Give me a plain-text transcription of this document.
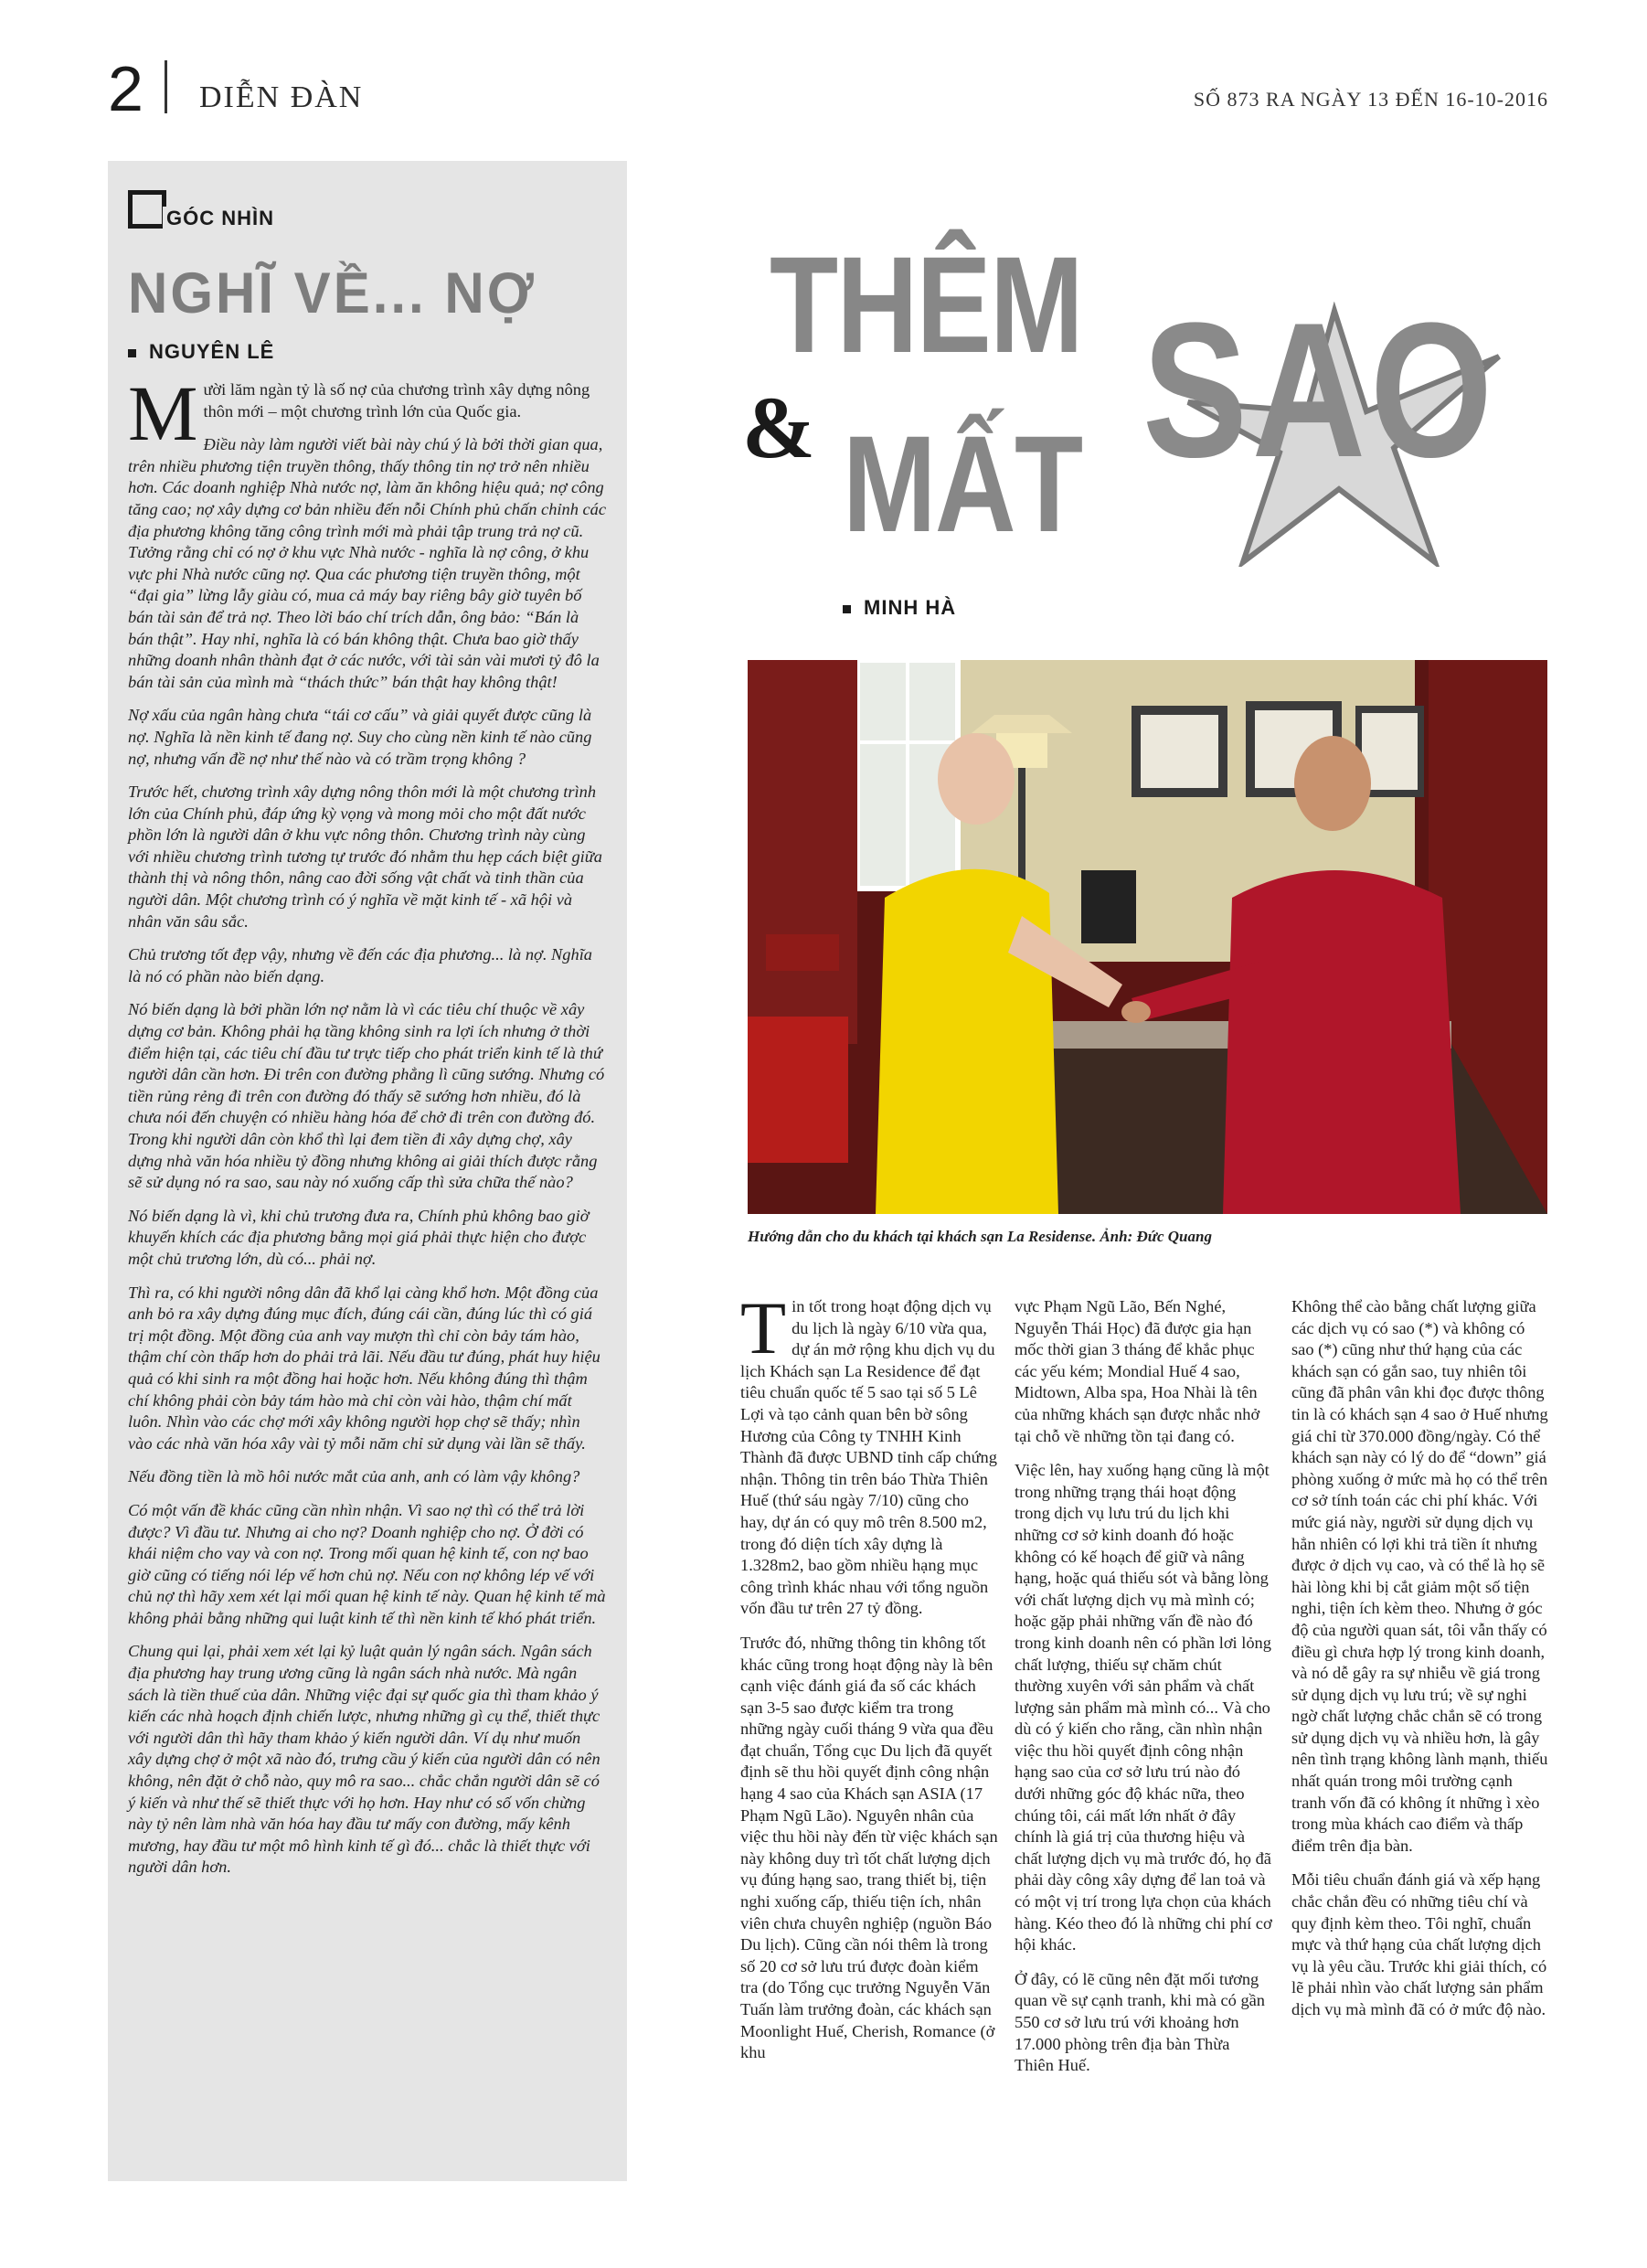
2 DIỄN ĐÀN	SỐ 873 RA NGÀY 13 ĐẾN 16-10-2016
GÓC NHÌN
NGHĨ VỀ... NỢ
NGUYÊN LÊ

Mười lăm ngàn tỷ là số nợ của chương trình xây dựng nông thôn mới – một chương trình lớn của Quốc gia.

Điều này làm người viết bài này chú ý là bởi thời gian qua, trên nhiều phương tiện truyền thông, thấy thông tin nợ trở nên nhiều hơn. Các doanh nghiệp Nhà nước nợ, làm ăn không hiệu quả; nợ công tăng cao; nợ xây dựng cơ bản nhiều đến nỗi Chính phủ chấn chỉnh các địa phương không tăng công trình mới mà phải tập trung trả nợ cũ. Tưởng rằng chỉ có nợ ở khu vực Nhà nước - nghĩa là nợ công, ở khu vực phi Nhà nước cũng nợ. Qua các phương tiện truyền thông, một “đại gia” lừng lẫy giàu có, mua cả máy bay riêng bây giờ tuyên bố bán tài sản để trả nợ. Theo lời báo chí trích dẫn, ông bảo: “Bán là bán thật”. Hay nhỉ, nghĩa là có bán không thật. Chưa bao giờ thấy những doanh nhân thành đạt ở các nước, với tài sản vài mươi tỷ đô la bán tài sản của mình mà “thách thức” bán thật hay không thật!

Nợ xấu của ngân hàng chưa “tái cơ cấu” và giải quyết được cũng là nợ. Nghĩa là nền kinh tế đang nợ. Suy cho cùng nền kinh tế nào cũng nợ, nhưng vấn đề nợ như thế nào và có trầm trọng không ?

Trước hết, chương trình xây dựng nông thôn mới là một chương trình lớn của Chính phủ, đáp ứng kỳ vọng và mong mỏi cho một đất nước phồn lớn là người dân ở khu vực nông thôn. Chương trình này cùng với nhiều chương trình tương tự trước đó nhằm thu hẹp cách biệt giữa thành thị và nông thôn, nâng cao đời sống vật chất và tinh thần của người dân. Một chương trình có ý nghĩa về mặt kinh tế - xã hội và nhân văn sâu sắc.

Chủ trương tốt đẹp vậy, nhưng về đến các địa phương... là nợ. Nghĩa là nó có phần nào biến dạng.

Nó biến dạng là bởi phần lớn nợ nằm là vì các tiêu chí thuộc về xây dựng cơ bản. Không phải hạ tầng không sinh ra lợi ích nhưng ở thời điểm hiện tại, các tiêu chí đầu tư trực tiếp cho phát triển kinh tế là thứ người dân cần hơn. Đi trên con đường phẳng lì cũng sướng. Nhưng có tiền rủng rẻng đi trên con đường đó thấy sẽ sướng hơn nhiều, đó là chưa nói đến chuyện có nhiều hàng hóa để chở đi trên con đường đó. Trong khi người dân còn khổ thì lại đem tiền đi xây dựng chợ, xây dựng nhà văn hóa nhiều tỷ đồng nhưng không ai giải thích được rằng sẽ sử dụng nó ra sao, sau này nó xuống cấp thì sửa chữa thế nào?

Nó biến dạng là vì, khi chủ trương đưa ra, Chính phủ không bao giờ khuyến khích các địa phương bằng mọi giá phải thực hiện cho được một chủ trương lớn, dù có... phải nợ.

Thì ra, có khi người nông dân đã khổ lại càng khổ hơn. Một đồng của anh bỏ ra xây dựng đúng mục đích, đúng cái cần, đúng lúc thì có giá trị một đồng. Một đồng của anh vay mượn thì chỉ còn bảy tám hào, thậm chí còn thấp hơn do phải trả lãi. Nếu đầu tư đúng, phát huy hiệu quả có khi sinh ra một đồng hai hoặc hơn. Nếu không đúng thì thậm chí không phải còn bảy tám hào mà chỉ còn vài hào, thậm chí mất luôn. Nhìn vào các chợ mới xây không người họp chợ sẽ thấy; nhìn vào các nhà văn hóa xây vài tỷ mỗi năm chỉ sử dụng vài lần sẽ thấy.

Nếu đồng tiền là mồ hôi nước mắt của anh, anh có làm vậy không?

Có một vấn đề khác cũng cần nhìn nhận. Vì sao nợ thì có thể trả lời được? Vì đầu tư. Nhưng ai cho nợ? Doanh nghiệp cho nợ. Ở đời có khái niệm cho vay và con nợ. Trong mối quan hệ kinh tế, con nợ bao giờ cũng có tiếng nói lép vế hơn chủ nợ. Nếu con nợ không lép vế với chủ nợ thì hãy xem xét lại mối quan hệ kinh tế này. Quan hệ kinh tế mà không phải bằng những qui luật kinh tế thì nền kinh tế khó phát triển.

Chung qui lại, phải xem xét lại kỷ luật quản lý ngân sách. Ngân sách địa phương hay trung ương cũng là ngân sách nhà nước. Mà ngân sách là tiền thuế của dân. Những việc đại sự quốc gia thì tham khảo ý kiến các nhà hoạch định chiến lược, nhưng những gì cụ thể, thiết thực với người dân thì hãy tham khảo ý kiến người dân. Ví dụ như muốn xây dựng chợ ở một xã nào đó, trưng cầu ý kiến của người dân có nên không, nên đặt ở chỗ nào, quy mô ra sao... chắc chắn người dân sẽ có ý kiến và như thế sẽ thiết thực với họ hơn. Hay như có số vốn chừng này tỷ nên làm nhà văn hóa hay đầu tư mấy con đường, mấy kênh mương, hay đầu tư một mô hình kinh tế gì đó... chắc là thiết thực với người dân hơn.

THÊM
& MẤT SAO
MINH HÀ
Hướng dẫn cho du khách tại khách sạn La Residense. Ảnh: Đức Quang

Tin tốt trong hoạt động dịch vụ du lịch là ngày 6/10 vừa qua, dự án mở rộng khu dịch vụ du lịch Khách sạn La Residence để đạt tiêu chuẩn quốc tế 5 sao tại số 5 Lê Lợi và tạo cảnh quan bên bờ sông Hương của Công ty TNHH Kinh Thành đã được UBND tỉnh cấp chứng nhận. Thông tin trên báo Thừa Thiên Huế (thứ sáu ngày 7/10) cũng cho hay, dự án có quy mô trên 8.500 m2, trong đó diện tích xây dựng là 1.328m2, bao gồm nhiều hạng mục công trình khác nhau với tổng nguồn vốn đầu tư trên 27 tỷ đồng.

Trước đó, những thông tin không tốt khác cũng trong hoạt động này là bên cạnh việc đánh giá đa số các khách sạn 3-5 sao được kiểm tra trong những ngày cuối tháng 9 vừa qua đều đạt chuẩn, Tổng cục Du lịch đã quyết định sẽ thu hồi quyết định công nhận hạng 4 sao của Khách sạn ASIA (17 Phạm Ngũ Lão). Nguyên nhân của việc thu hồi này đến từ việc khách sạn này không duy trì tốt chất lượng dịch vụ đúng hạng sao, trang thiết bị, tiện nghi xuống cấp, thiếu tiện ích, nhân viên chưa chuyên nghiệp (nguồn Báo Du lịch). Cũng cần nói thêm là trong số 20 cơ sở lưu trú được đoàn kiểm tra (do Tổng cục trưởng Nguyễn Văn Tuấn làm trưởng đoàn, các khách sạn Moonlight Huế, Cherish, Romance (ở khu

vực Phạm Ngũ Lão, Bến Nghé, Nguyễn Thái Học) đã được gia hạn mốc thời gian 3 tháng để khắc phục các yếu kém; Mondial Huế 4 sao, Midtown, Alba spa, Hoa Nhài là tên của những khách sạn được nhắc nhở tại chỗ về những tồn tại đang có.

Việc lên, hay xuống hạng cũng là một trong những trạng thái hoạt động trong dịch vụ lưu trú du lịch khi những cơ sở kinh doanh đó hoặc không có kế hoạch để giữ và nâng hạng, hoặc quá thiếu sót và bằng lòng với chất lượng dịch vụ mà mình có; hoặc gặp phải những vấn đề nào đó trong kinh doanh nên có phần lơi lỏng chất lượng, thiếu sự chăm chút thường xuyên với sản phẩm và chất lượng sản phẩm mà mình có... Và cho dù có ý kiến cho rằng, cần nhìn nhận việc thu hồi quyết định công nhận hạng sao của cơ sở lưu trú nào đó dưới những góc độ khác nữa, theo chúng tôi, cái mất lớn nhất ở đây chính là giá trị của thương hiệu và chất lượng dịch vụ mà trước đó, họ đã phải dày công xây dựng để lan toả và có một vị trí trong lựa chọn của khách hàng. Kéo theo đó là những chi phí cơ hội khác.

Ở đây, có lẽ cũng nên đặt mối tương quan về sự cạnh tranh, khi mà có gần 550 cơ sở lưu trú với khoảng hơn 17.000 phòng trên địa bàn Thừa Thiên Huế.

Không thể cào bằng chất lượng giữa các dịch vụ có sao (*) và không có sao (*) cũng như thứ hạng của các khách sạn có gắn sao, tuy nhiên tôi cũng đã phân vân khi đọc được thông tin là có khách sạn 4 sao ở Huế nhưng giá chỉ từ 370.000 đồng/ngày. Có thể khách sạn này có lý do để “down” giá phòng xuống ở mức mà họ có thể trên cơ sở tính toán các chi phí khác. Với mức giá này, người sử dụng dịch vụ hẳn nhiên có lợi khi trả tiền ít nhưng được ở dịch vụ cao, và có thể là họ sẽ hài lòng khi bị cắt giảm một số tiện nghi, tiện ích kèm theo. Nhưng ở góc độ của người quan sát, tôi vẫn thấy có điều gì chưa hợp lý trong kinh doanh, và nó dễ gây ra sự nhiễu về giá trong sử dụng dịch vụ lưu trú; về sự nghi ngờ chất lượng chắc chắn sẽ có trong sử dụng dịch vụ và nhiều hơn, là gây nên tình trạng không lành mạnh, thiếu nhất quán trong môi trường cạnh tranh vốn đã có không ít những ì xèo trong mùa khách cao điểm và thấp điểm trên địa bàn.

Mỗi tiêu chuẩn đánh giá và xếp hạng chắc chắn đều có những tiêu chí và quy định kèm theo. Tôi nghĩ, chuẩn mực và thứ hạng của chất lượng dịch vụ là yêu cầu. Trước khi giải thích, có lẽ phải nhìn vào chất lượng sản phẩm dịch vụ mà mình đã có ở mức độ nào.
